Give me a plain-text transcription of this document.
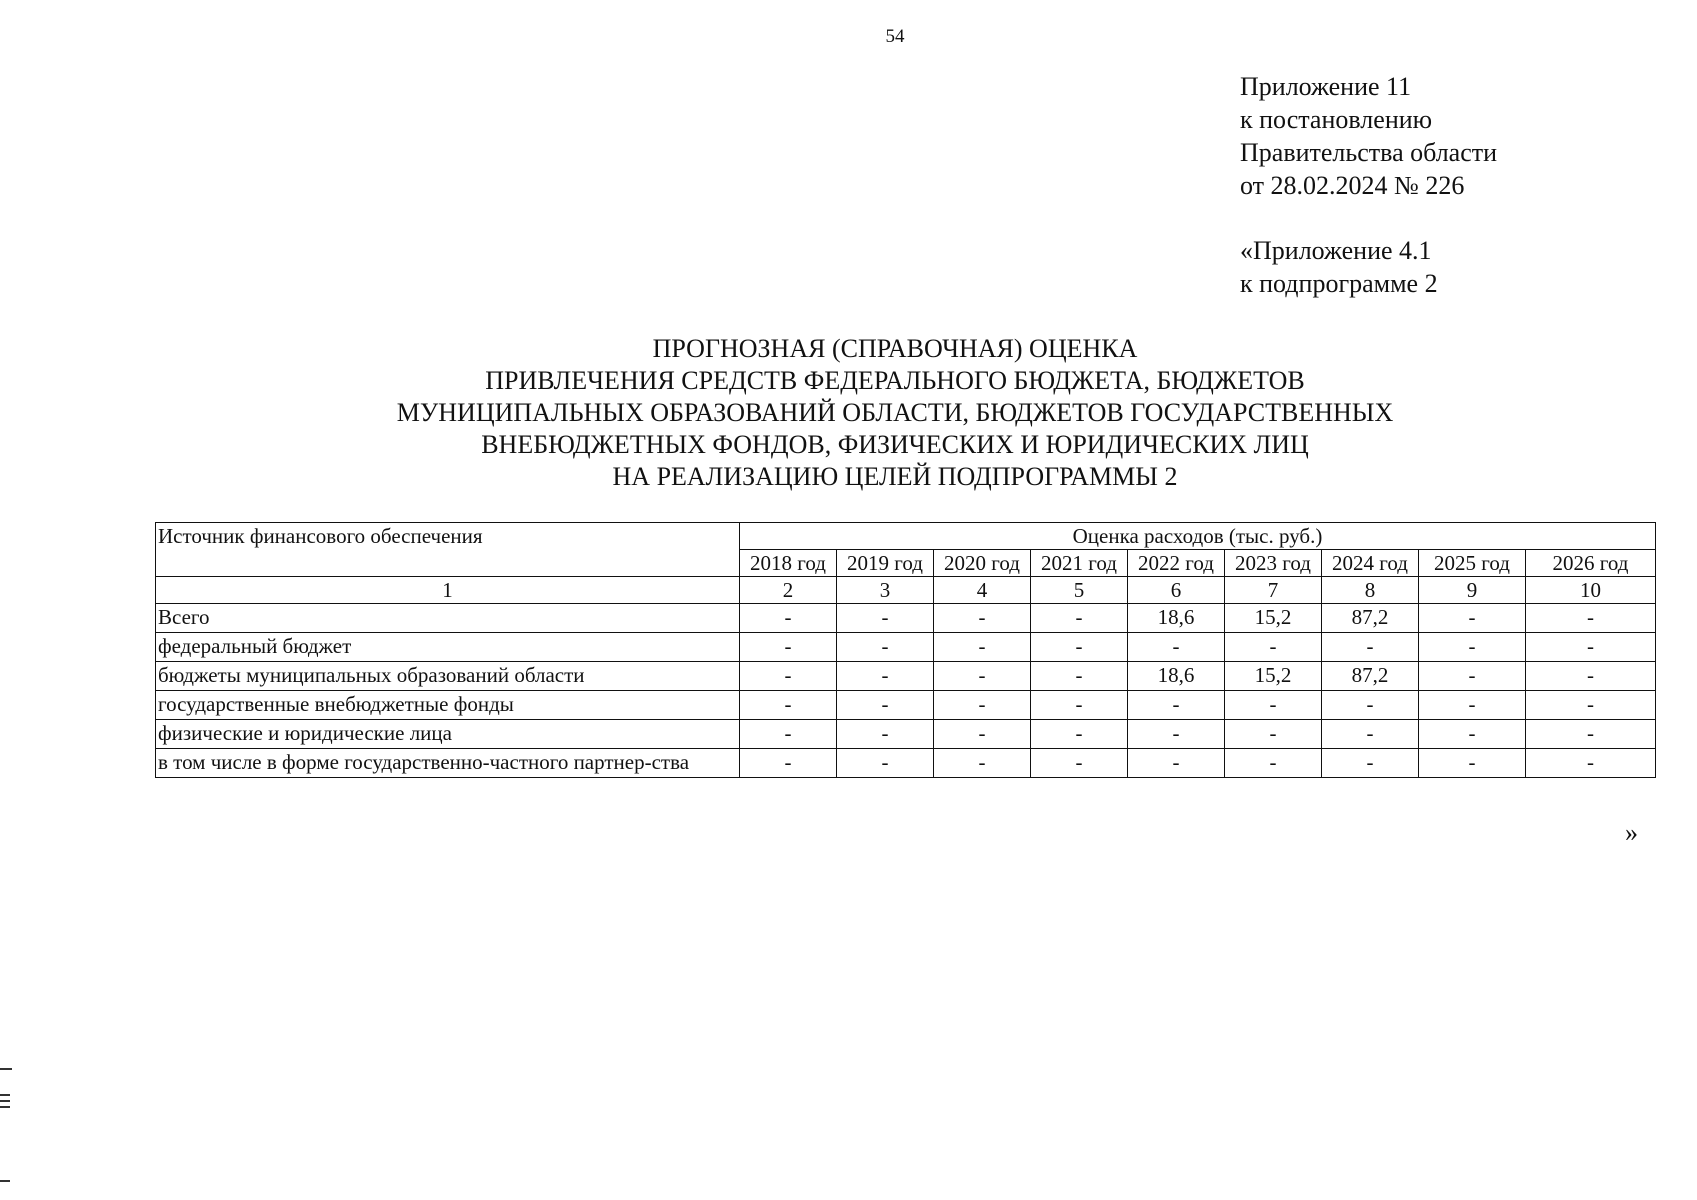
54
Приложение 11
к постановлению
Правительства области
от 28.02.2024 № 226
«Приложение 4.1
к подпрограмме 2
ПРОГНОЗНАЯ (СПРАВОЧНАЯ) ОЦЕНКА
ПРИВЛЕЧЕНИЯ СРЕДСТВ ФЕДЕРАЛЬНОГО БЮДЖЕТА, БЮДЖЕТОВ
МУНИЦИПАЛЬНЫХ ОБРАЗОВАНИЙ ОБЛАСТИ, БЮДЖЕТОВ ГОСУДАРСТВЕННЫХ
ВНЕБЮДЖЕТНЫХ ФОНДОВ, ФИЗИЧЕСКИХ И ЮРИДИЧЕСКИХ ЛИЦ
НА РЕАЛИЗАЦИЮ ЦЕЛЕЙ ПОДПРОГРАММЫ 2
Источник финансового обеспечения	Оценка расходов (тыс. руб.)								
	2018 год	2019 год	2020 год	2021 год	2022 год	2023 год	2024 год	2025 год	2026 год
1	2	3	4	5	6	7	8	9	10
Всего	-	-	-	-	18,6	15,2	87,2	-	-
федеральный бюджет	-	-	-	-	-	-	-	-	-
бюджеты муниципальных образований области	-	-	-	-	18,6	15,2	87,2	-	-
государственные внебюджетные фонды	-	-	-	-	-	-	-	-	-
физические и юридические лица	-	-	-	-	-	-	-	-	-
в том числе в форме государственно-частного партнер-ства	-	-	-	-	-	-	-	-	-
»
